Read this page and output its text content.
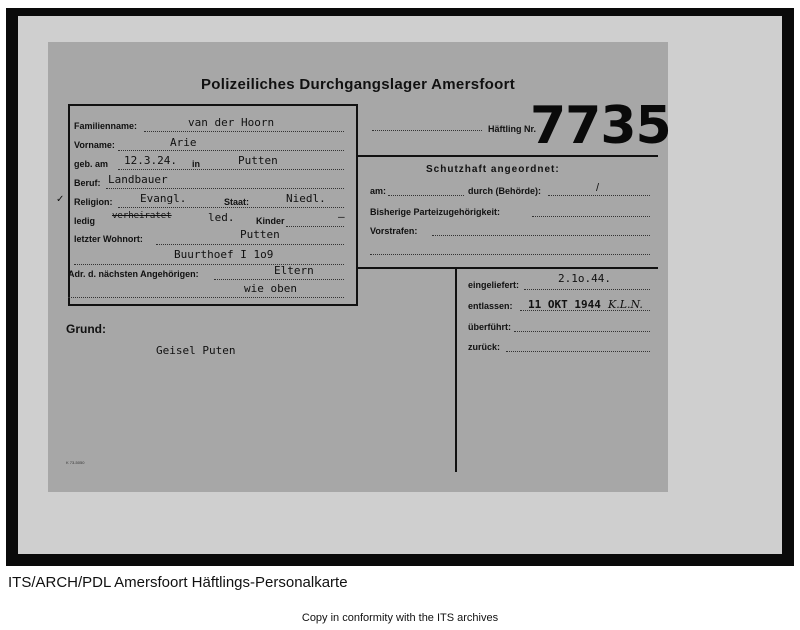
Polizeiliches Durchgangslager Amersfoort
Familienname:	van der Hoorn
Vorname:	Arie
geb. am 12.3.24. in	Putten
Beruf: Landbauer
✓ Religion:	Evangl.	Staat:	Niedl.
ledig verheiratet	led. Kinder	–
letzter Wohnort:	Putten
Buurthoef I 1o9
Adr. d. nächsten Angehörigen:	Eltern
wie oben
Grund:
Geisel Puten
K 73-5050
Häftling Nr.
7735
Schutzhaft angeordnet:
am:	durch (Behörde):	/
Bisherige Parteizugehörigkeit:
Vorstrafen:
eingeliefert:	2.1o.44.
entlassen: 11 OKT 1944 K.L.N.
überführt:
zurück:
ITS/ARCH/PDL Amersfoort Häftlings-Personalkarte
Copy in conformity with the ITS archives
